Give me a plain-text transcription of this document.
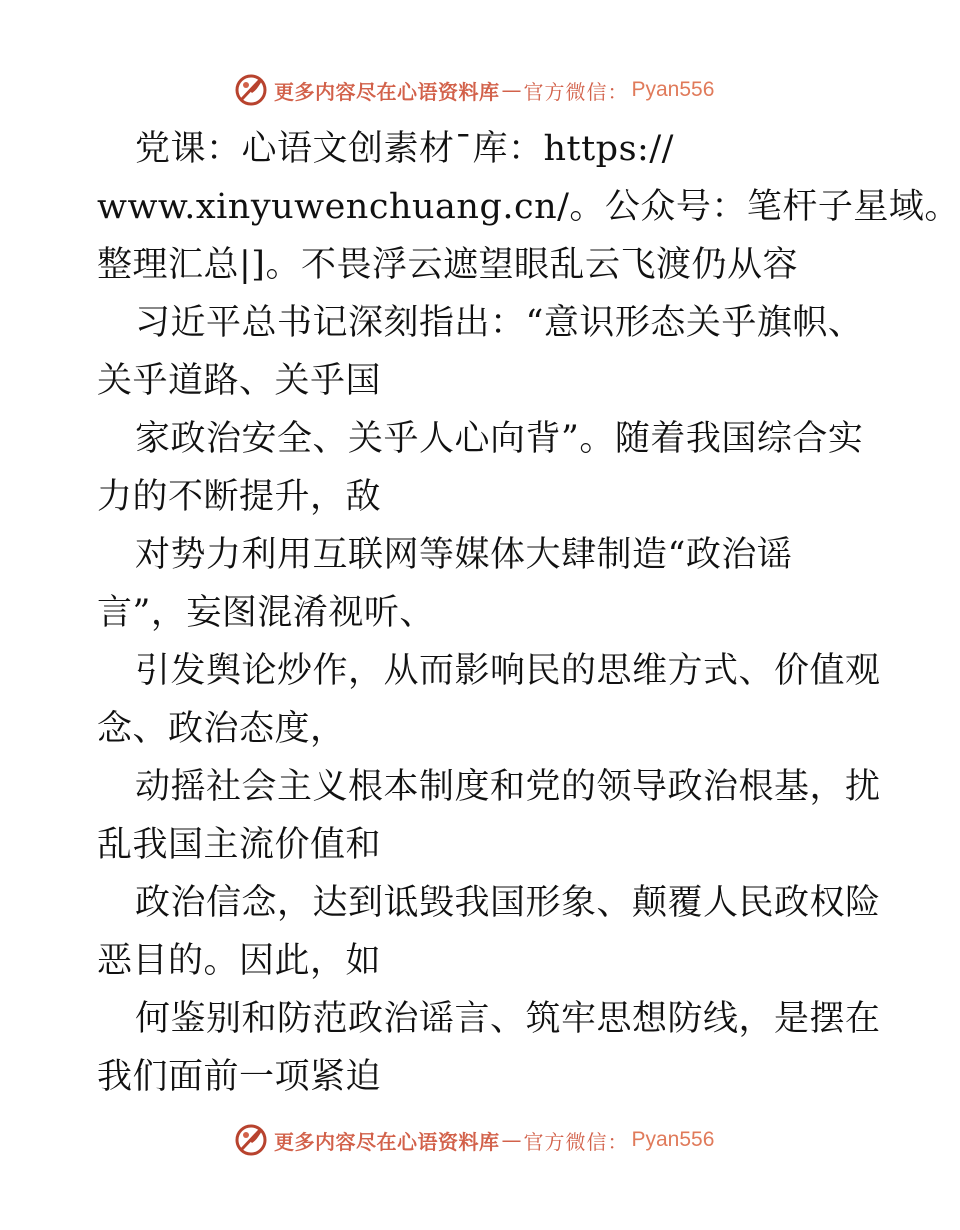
更多内容尽在心语资料库 — 官方微信 ： Pyan556
党课：心语文创素材¯库：https://
www.xinyuwenchuang.cn/。公众号：笔杆子星域。
整理汇总|]。不畏浮云遮望眼乱云飞渡仍从容
习近平总书记深刻指出：“意识形态关乎旗帜、
关乎道路、关乎国
家政治安全、关乎人心向背”。随着我国综合实
力的不断提升，敌
对势力利用互联网等媒体大肆制造“政治谣
言”，妄图混淆视听、
引发舆论炒作，从而影响民的思维方式、价值观
念、政治态度，
动摇社会主义根本制度和党的领导政治根基，扰
乱我国主流价值和
政治信念，达到诋毁我国形象、颠覆人民政权险
恶目的。因此，如
何鉴别和防范政治谣言、筑牢思想防线，是摆在
我们面前一项紧迫
更多内容尽在心语资料库 — 官方微信 ： Pyan556
